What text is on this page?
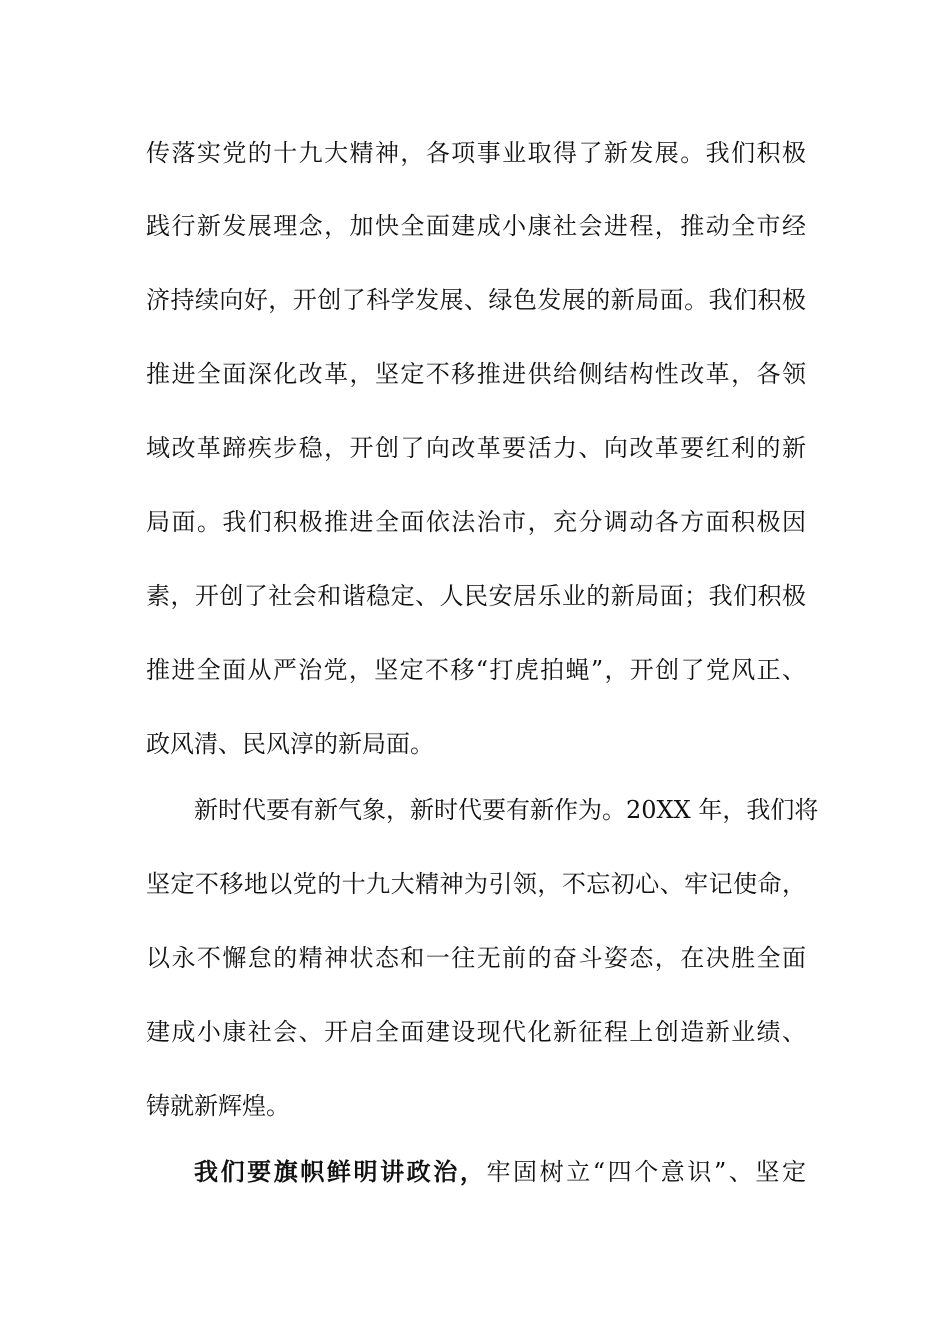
传落实党的十九大精神，各项事业取得了新发展。我们积极
践行新发展理念，加快全面建成小康社会进程，推动全市经
济持续向好，开创了科学发展、绿色发展的新局面。我们积极
推进全面深化改革，坚定不移推进供给侧结构性改革，各领
域改革蹄疾步稳，开创了向改革要活力、向改革要红利的新
局面。我们积极推进全面依法治市，充分调动各方面积极因
素，开创了社会和谐稳定、人民安居乐业的新局面；我们积极
推进全面从严治党，坚定不移“打虎拍蝇”，开创了党风正、
政风清、民风淳的新局面。
新时代要有新气象，新时代要有新作为。20XX 年，我们将
坚定不移地以党的十九大精神为引领，不忘初心、牢记使命，
以永不懈怠的精神状态和一往无前的奋斗姿态，在决胜全面
建成小康社会、开启全面建设现代化新征程上创造新业绩、
铸就新辉煌。
我们要旗帜鲜明讲政治，牢固树立“四个意识”、坚定
